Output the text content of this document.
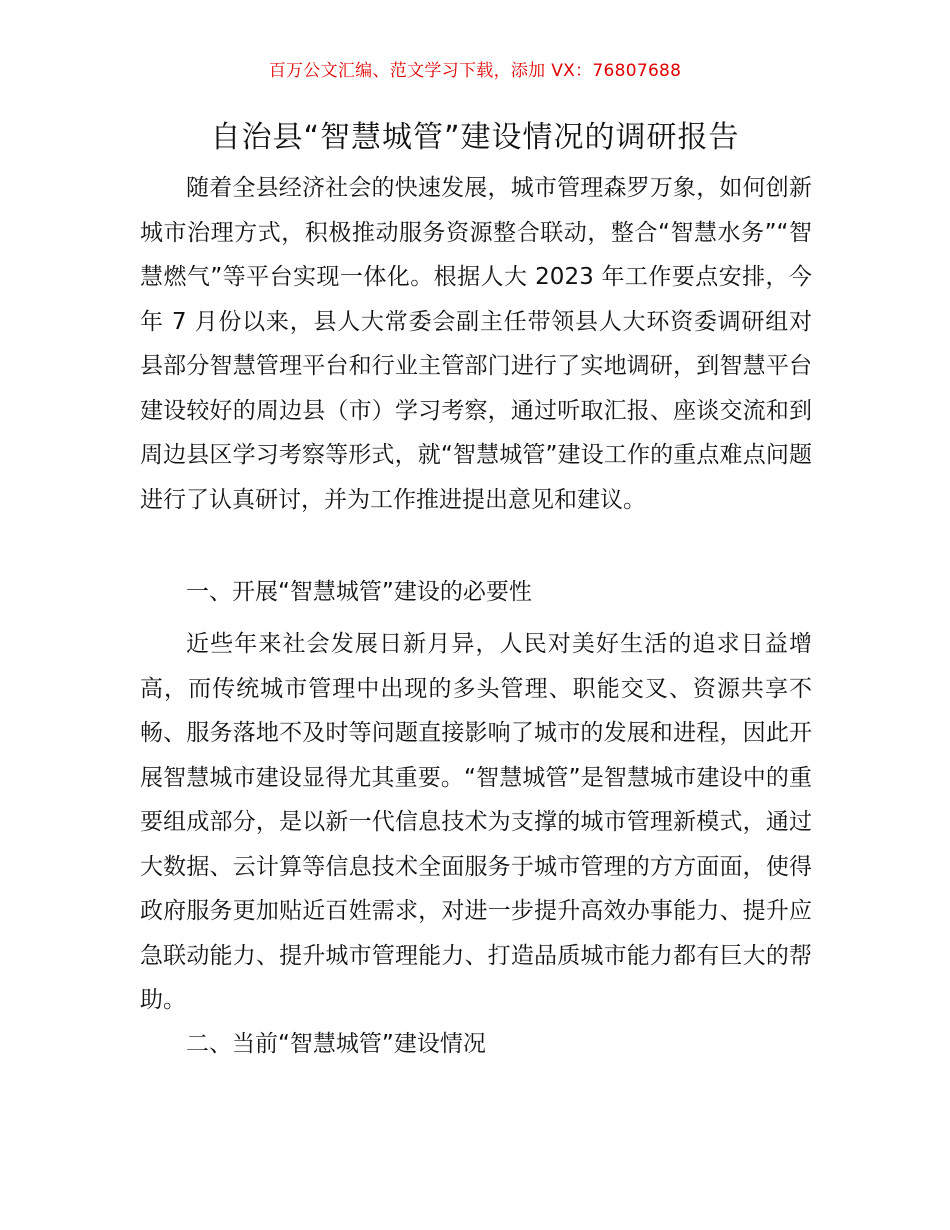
百万公文汇编、范文学习下载，添加 VX：76807688
自治县“智慧城管”建设情况的调研报告

随着全县经济社会的快速发展，城市管理森罗万象，如何创新城市治理方式，积极推动服务资源整合联动，整合“智慧水务”“智慧燃气”等平台实现一体化。根据人大 2023 年工作要点安排，今年 7 月份以来，县人大常委会副主任带领县人大环资委调研组对县部分智慧管理平台和行业主管部门进行了实地调研，到智慧平台建设较好的周边县（市）学习考察，通过听取汇报、座谈交流和到周边县区学习考察等形式，就“智慧城管”建设工作的重点难点问题进行了认真研讨，并为工作推进提出意见和建议。

一、开展“智慧城管”建设的必要性

近些年来社会发展日新月异，人民对美好生活的追求日益增高，而传统城市管理中出现的多头管理、职能交叉、资源共享不畅、服务落地不及时等问题直接影响了城市的发展和进程，因此开展智慧城市建设显得尤其重要。“智慧城管”是智慧城市建设中的重要组成部分，是以新一代信息技术为支撑的城市管理新模式，通过大数据、云计算等信息技术全面服务于城市管理的方方面面，使得政府服务更加贴近百姓需求，对进一步提升高效办事能力、提升应急联动能力、提升城市管理能力、打造品质城市能力都有巨大的帮助。

二、当前“智慧城管”建设情况
